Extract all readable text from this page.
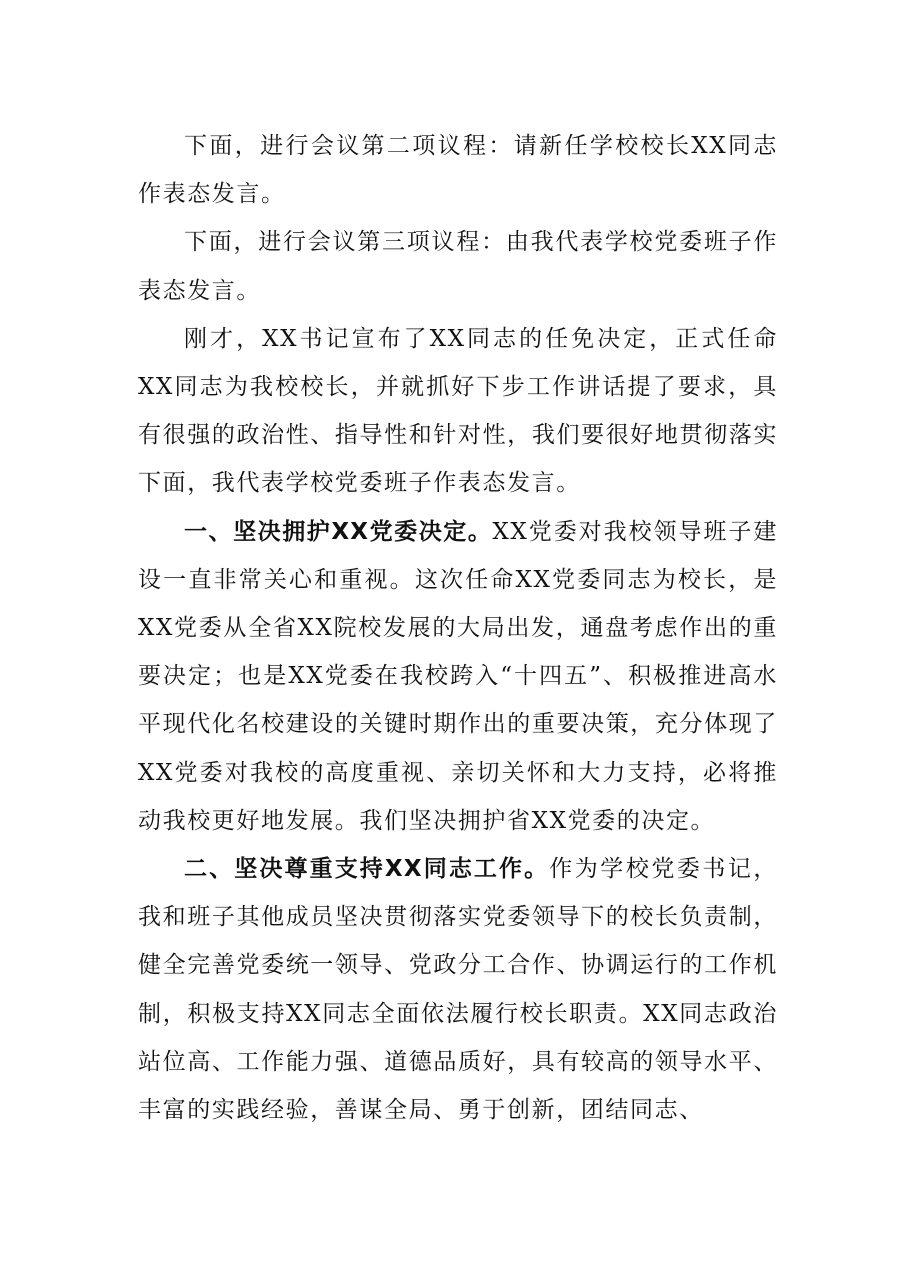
下面，进行会议第二项议程：请新任学校校长XX同志作表态发言。

下面，进行会议第三项议程：由我代表学校党委班子作表态发言。

刚才，XX书记宣布了XX同志的任免决定，正式任命XX同志为我校校长，并就抓好下步工作讲话提了要求，具有很强的政治性、指导性和针对性，我们要很好地贯彻落实下面，我代表学校党委班子作表态发言。

一、坚决拥护XX党委决定。XX党委对我校领导班子建设一直非常关心和重视。这次任命XX党委同志为校长，是XX党委从全省XX院校发展的大局出发，通盘考虑作出的重要决定；也是XX党委在我校跨入“十四五”、积极推进高水平现代化名校建设的关键时期作出的重要决策，充分体现了XX党委对我校的高度重视、亲切关怀和大力支持，必将推动我校更好地发展。我们坚决拥护省XX党委的决定。

二、坚决尊重支持XX同志工作。作为学校党委书记，我和班子其他成员坚决贯彻落实党委领导下的校长负责制，健全完善党委统一领导、党政分工合作、协调运行的工作机制，积极支持XX同志全面依法履行校长职责。XX同志政治站位高、工作能力强、道德品质好，具有较高的领导水平、丰富的实践经验，善谋全局、勇于创新，团结同志、
